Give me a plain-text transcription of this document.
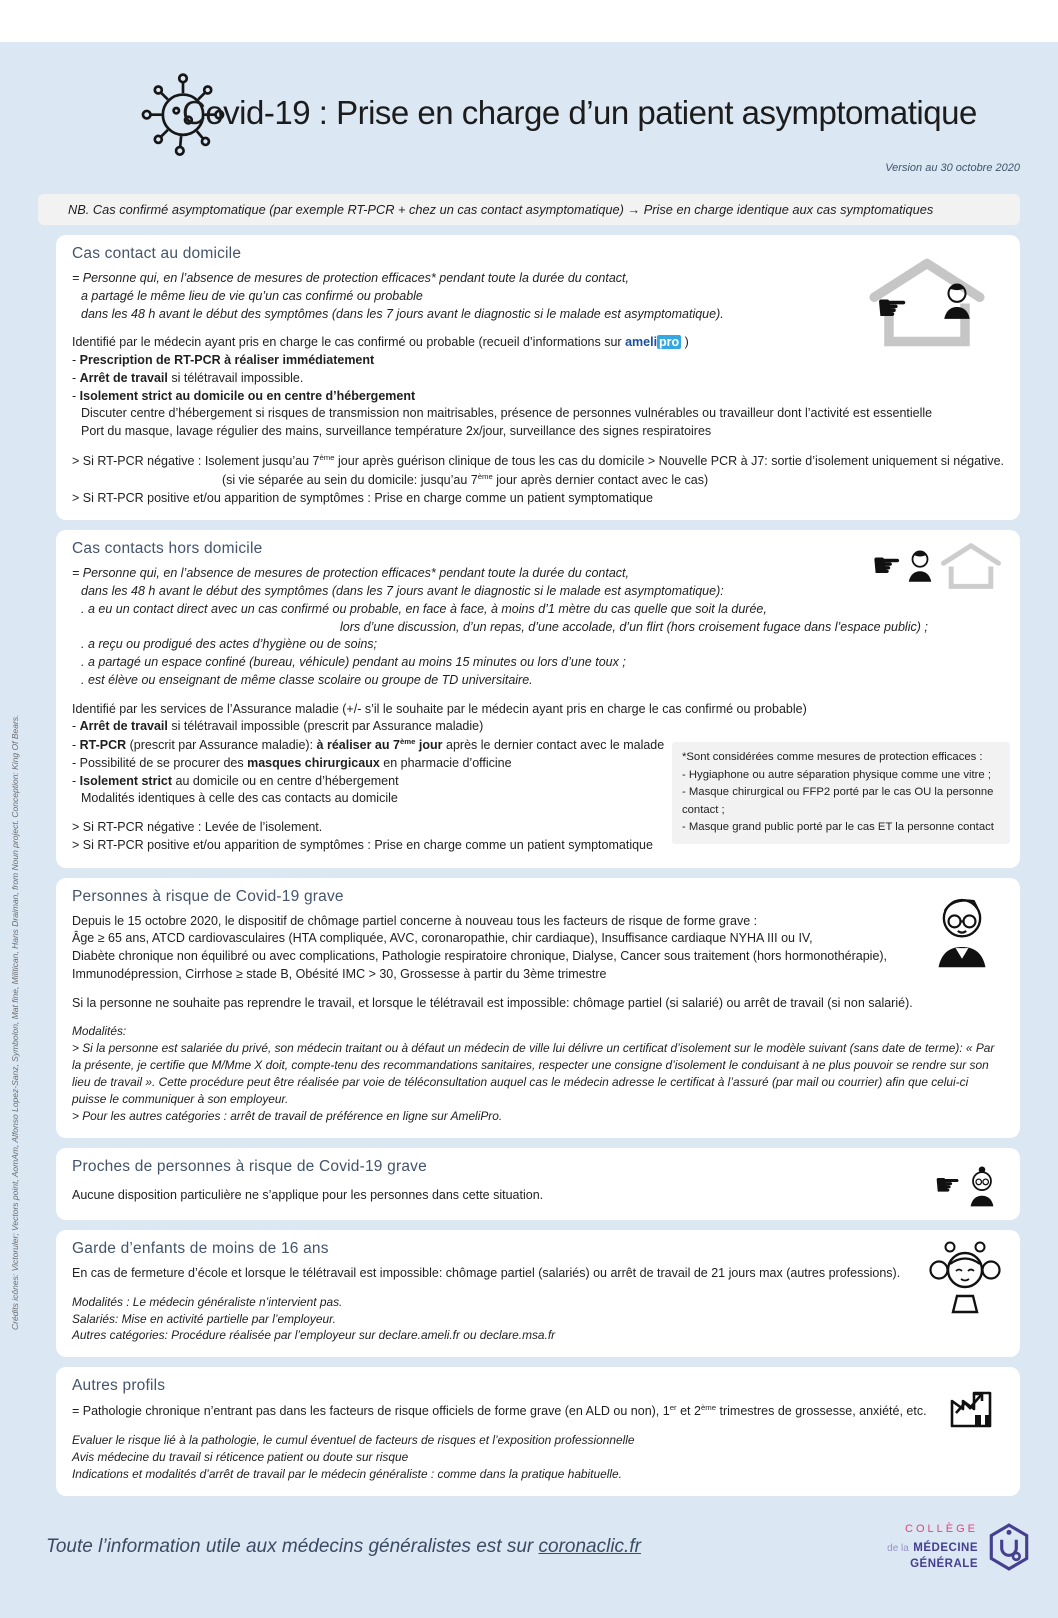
Crédits icônes: Victoruler; Vectors point, AomAm, Alfonso Lopez-Sanz, Symbolon, Mat fine, Militican, Hans Draiman, from Noun project. Conception: King Of Bears.
Covid-19 : Prise en charge d’un patient asymptomatique
Version au 30 octobre 2020
NB. Cas confirmé asymptomatique (par exemple RT-PCR + chez un cas contact asymptomatique) → Prise en charge identique aux cas symptomatiques
Cas contact au domicile
☛
= Personne qui, en l’absence de mesures de protection efficaces* pendant toute la durée du contact,
a partagé le même lieu de vie qu’un cas confirmé ou probable
dans les 48 h avant le début des symptômes (dans les 7 jours avant le diagnostic si le malade est asymptomatique).
Identifié par le médecin ayant pris en charge le cas confirmé ou probable (recueil d’informations sur ameli pro )
- Prescription de RT-PCR à réaliser immédiatement
- Arrêt de travail si télétravail impossible.
- Isolement strict au domicile ou en centre d’hébergement
Discuter centre d’hébergement si risques de transmission non maitrisables, présence de personnes vulnérables ou travailleur dont l’activité est essentielle
Port du masque, lavage régulier des mains, surveillance température 2x/jour, surveillance des signes respiratoires
> Si RT-PCR négative : Isolement jusqu’au 7ème jour après guérison clinique de tous les cas du domicile > Nouvelle PCR à J7: sortie d’isolement uniquement si négative.
(si vie séparée au sein du domicile: jusqu’au 7ème jour après dernier contact avec le cas)
> Si RT-PCR positive et/ou apparition de symptômes : Prise en charge comme un patient symptomatique
Cas contacts hors domicile	☛
= Personne qui, en l’absence de mesures de protection efficaces* pendant toute la durée du contact,
dans les 48 h avant le début des symptômes (dans les 7 jours avant le diagnostic si le malade est asymptomatique):
. a eu un contact direct avec un cas confirmé ou probable, en face à face, à moins d’1 mètre du cas quelle que soit la durée,
lors d’une discussion, d’un repas, d’une accolade, d’un flirt (hors croisement fugace dans l’espace public) ;
. a reçu ou prodigué des actes d’hygiène ou de soins;
. a partagé un espace confiné (bureau, véhicule) pendant au moins 15 minutes ou lors d’une toux ;
. est élève ou enseignant de même classe scolaire ou groupe de TD universitaire.
Identifié par les services de l’Assurance maladie (+/- s’il le souhaite par le médecin ayant pris en charge le cas confirmé ou probable)
- Arrêt de travail si télétravail impossible (prescrit par Assurance maladie)
- RT-PCR (prescrit par Assurance maladie): à réaliser au 7ème jour après le dernier contact avec le malade
- Possibilité de se procurer des masques chirurgicaux en pharmacie d’officine
- Isolement strict au domicile ou en centre d’hébergement
Modalités identiques à celle des cas contacts au domicile
> Si RT-PCR négative : Levée de l’isolement.
> Si RT-PCR positive et/ou apparition de symptômes : Prise en charge comme un patient symptomatique
*Sont considérées comme mesures de protection efficaces :
- Hygiaphone ou autre séparation physique comme une vitre ;
- Masque chirurgical ou FFP2 porté par le cas OU la personne contact ;
- Masque grand public porté par le cas ET la personne contact
Personnes à risque de Covid-19 grave
Depuis le 15 octobre 2020, le dispositif de chômage partiel concerne à nouveau tous les facteurs de risque de forme grave :
Âge ≥ 65 ans, ATCD cardiovasculaires (HTA compliquée, AVC, coronaropathie, chir cardiaque), Insuffisance cardiaque NYHA III ou IV,
Diabète chronique non équilibré ou avec complications, Pathologie respiratoire chronique, Dialyse, Cancer sous traitement (hors hormonothérapie),
Immunodépression, Cirrhose ≥ stade B, Obésité IMC > 30, Grossesse à partir du 3ème trimestre
Si la personne ne souhaite pas reprendre le travail, et lorsque le télétravail est impossible: chômage partiel (si salarié) ou arrêt de travail (si non salarié).
Modalités:
> Si la personne est salariée du privé, son médecin traitant ou à défaut un médecin de ville lui délivre un certificat d’isolement sur le modèle suivant (sans date de terme): « Par la présente, je certifie que M/Mme X doit, compte-tenu des recommandations sanitaires, respecter une consigne d’isolement le conduisant à ne plus pouvoir se rendre sur son lieu de travail ». Cette procédure peut être réalisée par voie de téléconsultation auquel cas le médecin adresse le certificat à l’assuré (par mail ou courrier) afin que celui-ci puisse le communiquer à son employeur.
> Pour les autres catégories : arrêt de travail de préférence en ligne sur AmeliPro.
Proches de personnes à risque de Covid-19 grave
☛
Aucune disposition particulière ne s’applique pour les personnes dans cette situation.
Garde d’enfants de moins de 16 ans
En cas de fermeture d’école et lorsque le télétravail est impossible: chômage partiel (salariés) ou arrêt de travail de 21 jours max (autres professions).
Modalités : Le médecin généraliste n’intervient pas.
Salariés: Mise en activité partielle par l’employeur.
Autres catégories: Procédure réalisée par l’employeur sur declare.ameli.fr ou declare.msa.fr
Autres profils
= Pathologie chronique n’entrant pas dans les facteurs de risque officiels de forme grave (en ALD ou non), 1er et 2ème trimestres de grossesse, anxiété, etc.
Evaluer le risque lié à la pathologie, le cumul éventuel de facteurs de risques et l’exposition professionnelle
Avis médecine du travail si réticence patient ou doute sur risque
Indications et modalités d’arrêt de travail par le médecin généraliste : comme dans la pratique habituelle.
Toute l’information utile aux médecins généralistes est sur coronaclic.fr
COLLÈGE
de la MÉDECINE
GÉNÉRALE
